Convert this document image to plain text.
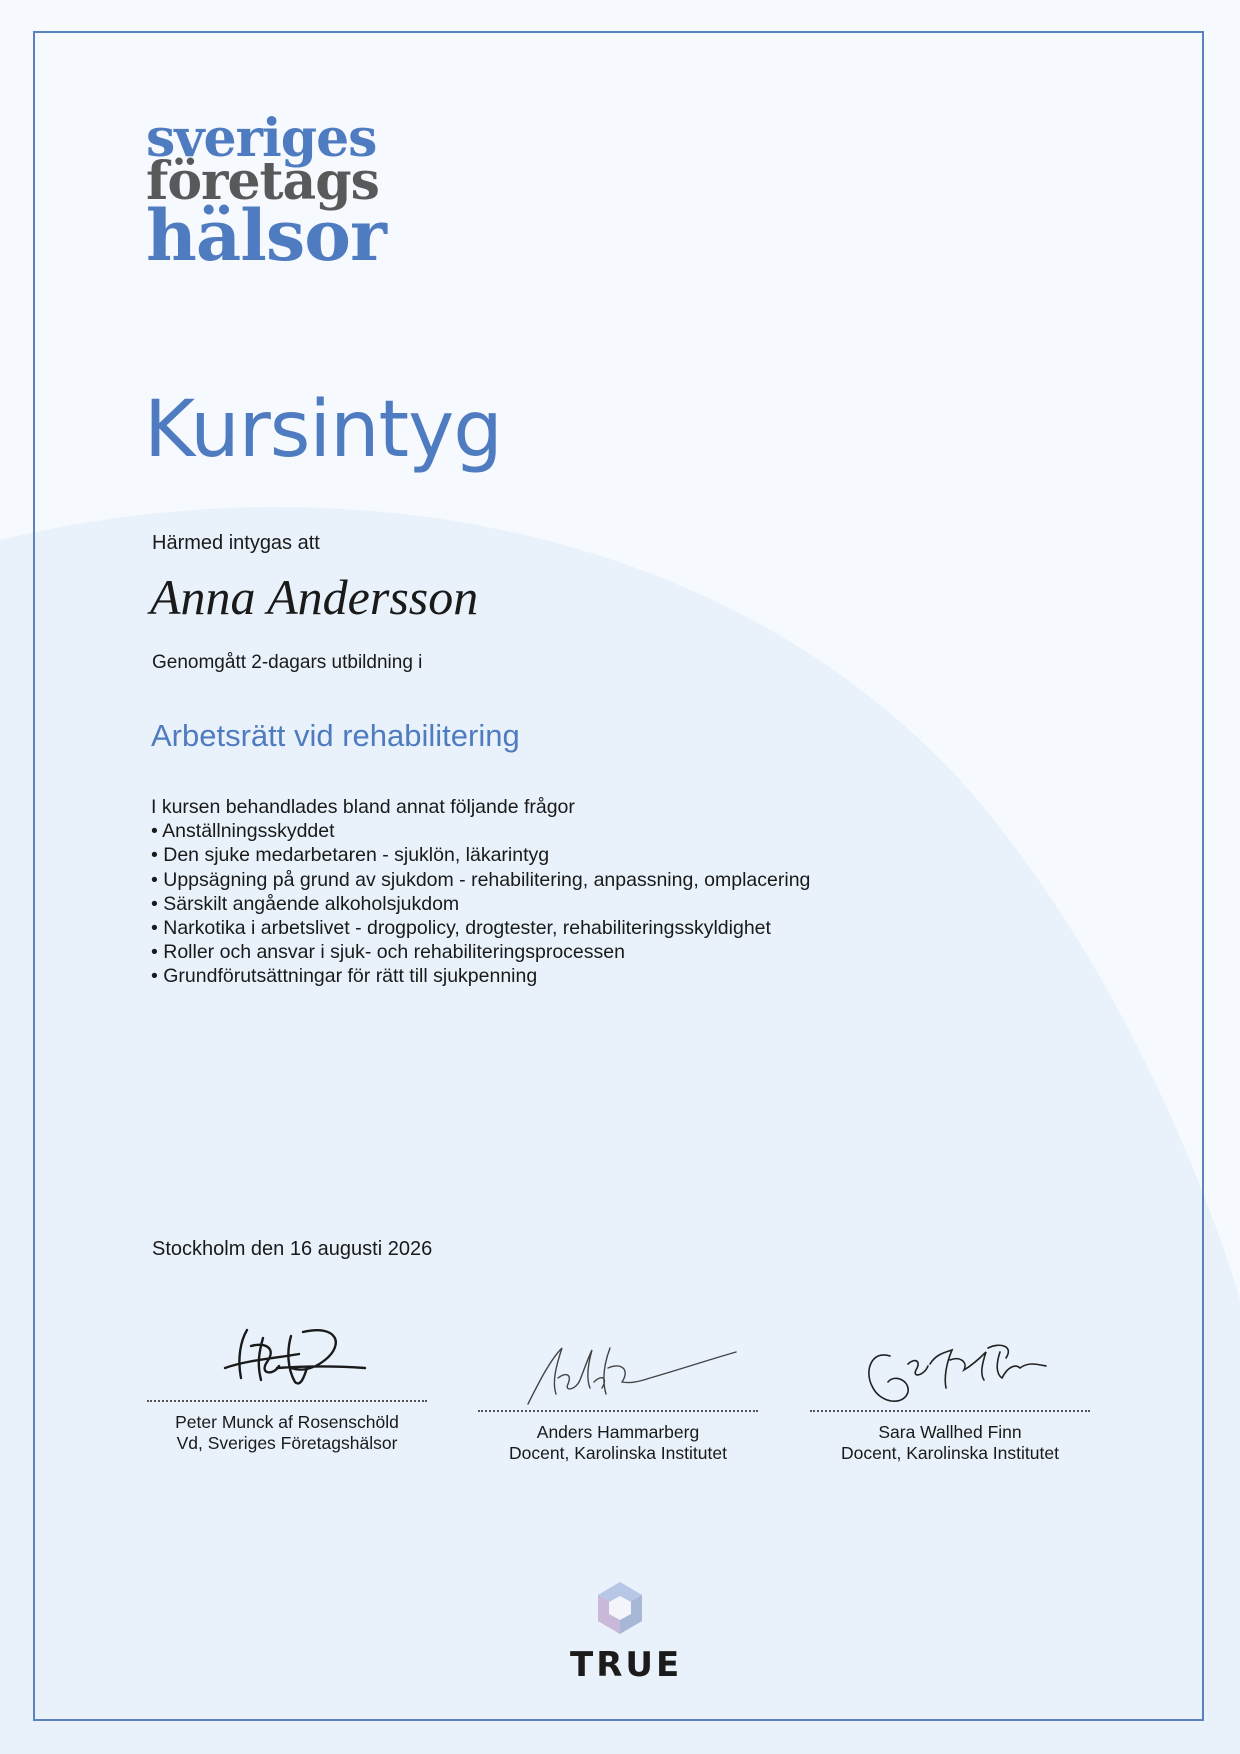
sveriges
företags
hälsor
Kursintyg
Härmed intygas att
Anna Andersson
Genomgått 2-dagars utbildning i
Arbetsrätt vid rehabilitering
I kursen behandlades bland annat följande frågor
• Anställningsskyddet
• Den sjuke medarbetaren - sjuklön, läkarintyg
• Uppsägning på grund av sjukdom - rehabilitering, anpassning, omplacering
• Särskilt angående alkoholsjukdom
• Narkotika i arbetslivet - drogpolicy, drogtester, rehabiliteringsskyldighet
• Roller och ansvar i sjuk- och rehabiliteringsprocessen
• Grundförutsättningar för rätt till sjukpenning
Stockholm den 16 augusti 2026
Peter Munck af Rosenschöld
Vd, Sveriges Företagshälsor
Anders Hammarberg
Docent, Karolinska Institutet
Sara Wallhed Finn
Docent, Karolinska Institutet
TRUE
